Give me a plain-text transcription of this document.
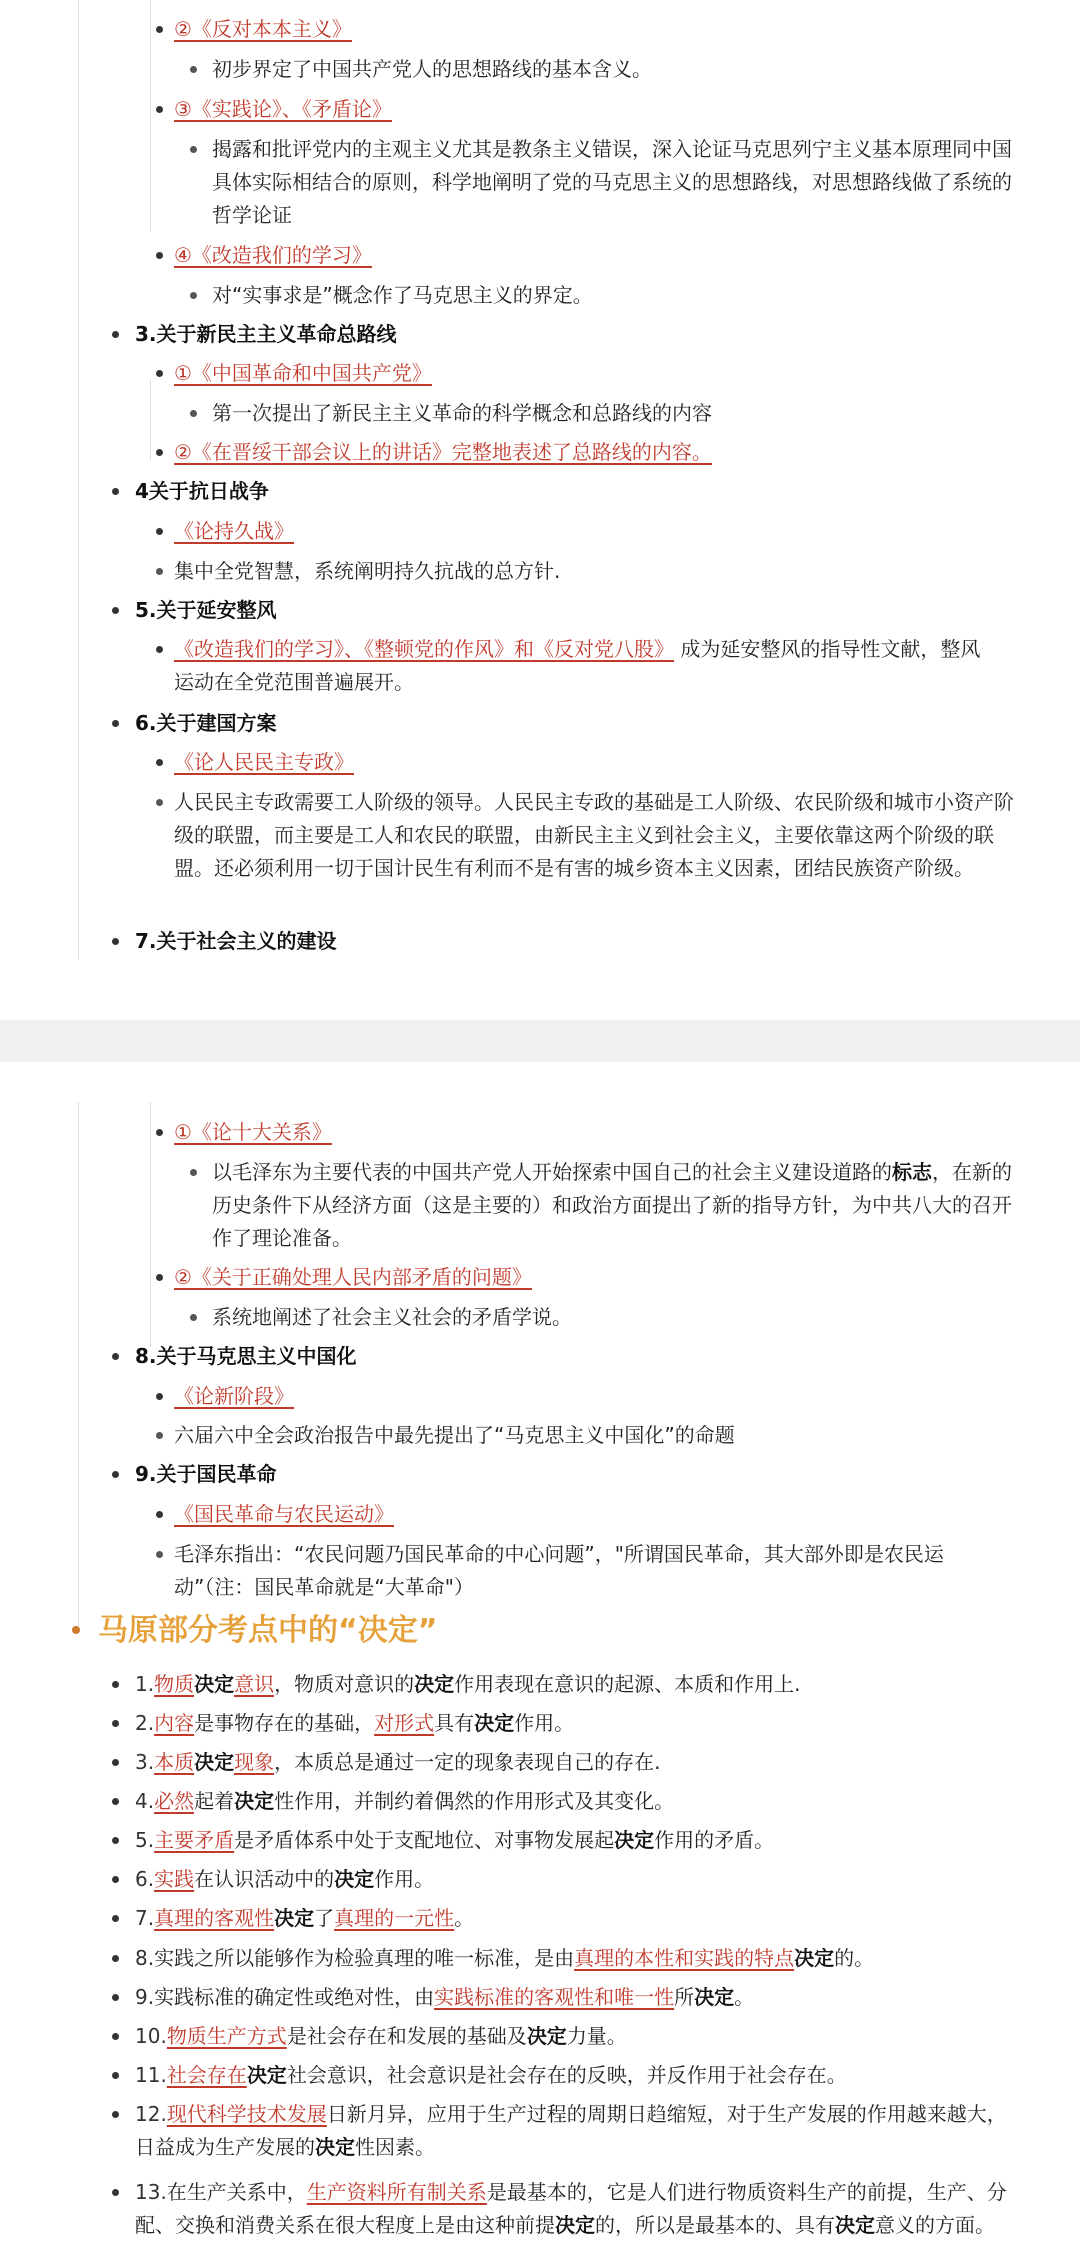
②《反对本本主义》
初步界定了中国共产党人的思想路线的基本含义。
③《实践论》、《矛盾论》
揭露和批评党内的主观主义尤其是教条主义错误，深入论证马克思列宁主义基本原理同中国具体实际相结合的原则，科学地阐明了党的马克思主义的思想路线，对思想路线做了系统的哲学论证
④《改造我们的学习》
对“实事求是”概念作了马克思主义的界定。
3.关于新民主主义革命总路线
①《中国革命和中国共产党》
第一次提出了新民主主义革命的科学概念和总路线的内容
②《在晋绥干部会议上的讲话》完整地表述了总路线的内容。
4关于抗日战争
《论持久战》
集中全党智慧，系统阐明持久抗战的总方针.
5.关于延安整风
《改造我们的学习》、《整顿党的作风》和《反对党八股》 成为延安整风的指导性文献，整风运动在全党范围普遍展开。
6.关于建国方案
《论人民民主专政》
人民民主专政需要工人阶级的领导。人民民主专政的基础是工人阶级、农民阶级和城市小资产阶级的联盟，而主要是工人和农民的联盟，由新民主主义到社会主义，主要依靠这两个阶级的联盟。还必须利用一切于国计民生有利而不是有害的城乡资本主义因素，团结民族资产阶级。
7.关于社会主义的建设
①《论十大关系》
以毛泽东为主要代表的中国共产党人开始探索中国自己的社会主义建设道路的标志，在新的历史条件下从经济方面（这是主要的）和政治方面提出了新的指导方针，为中共八大的召开作了理论准备。
②《关于正确处理人民内部矛盾的问题》
系统地阐述了社会主义社会的矛盾学说。
8.关于马克思主义中国化
《论新阶段》
六届六中全会政治报告中最先提出了“马克思主义中国化”的命题
9.关于国民革命
《国民革命与农民运动》
毛泽东指出：“农民问题乃国民革命的中心问题”，"所谓国民革命，其大部外即是农民运动”（注：国民革命就是“大革命"）
马原部分考点中的“决定”
1.物质决定意识，物质对意识的决定作用表现在意识的起源、本质和作用上.
2.内容是事物存在的基础，对形式具有决定作用。
3.本质决定现象，本质总是通过一定的现象表现自己的存在.
4.必然起着决定性作用，并制约着偶然的作用形式及其变化。
5.主要矛盾是矛盾体系中处于支配地位、对事物发展起决定作用的矛盾。
6.实践在认识活动中的决定作用。
7.真理的客观性决定了真理的一元性。
8.实践之所以能够作为检验真理的唯一标准，是由真理的本性和实践的特点决定的。
9.实践标准的确定性或绝对性，由实践标准的客观性和唯一性所决定。
10.物质生产方式是社会存在和发展的基础及决定力量。
11.社会存在决定社会意识，社会意识是社会存在的反映，并反作用于社会存在。
12.现代科学技术发展日新月异，应用于生产过程的周期日趋缩短，对于生产发展的作用越来越大，日益成为生产发展的决定性因素。
13.在生产关系中，生产资料所有制关系是最基本的，它是人们进行物质资料生产的前提，生产、分配、交换和消费关系在很大程度上是由这种前提决定的，所以是最基本的、具有决定意义的方面。
